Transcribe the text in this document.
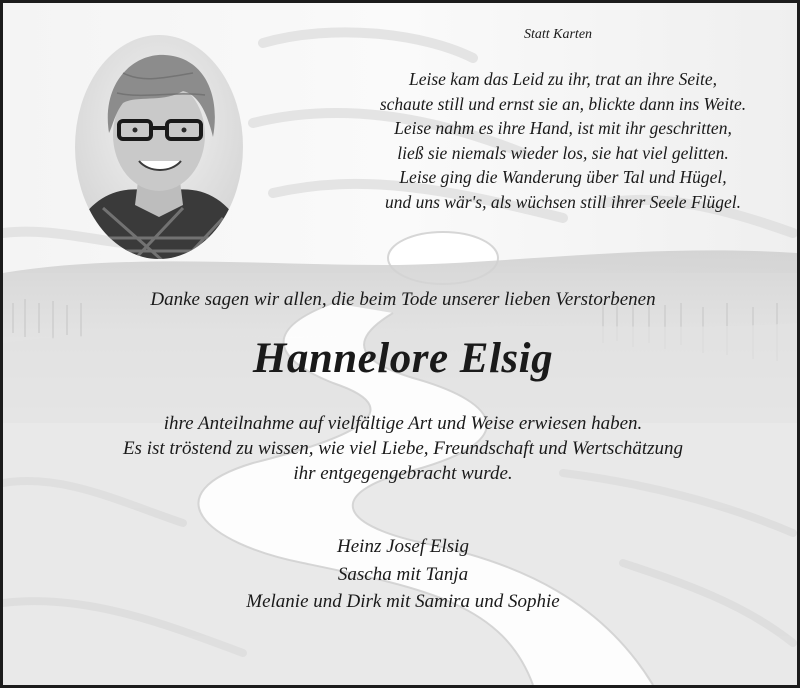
Statt Karten
Leise kam das Leid zu ihr, trat an ihre Seite,
schaute still und ernst sie an, blickte dann ins Weite.
Leise nahm es ihre Hand, ist mit ihr geschritten,
ließ sie niemals wieder los, sie hat viel gelitten.
Leise ging die Wanderung über Tal und Hügel,
und uns wär's, als wüchsen still ihrer Seele Flügel.
Danke sagen wir allen, die beim Tode unserer lieben Verstorbenen
Hannelore Elsig
ihre Anteilnahme auf vielfältige Art und Weise erwiesen haben.
Es ist tröstend zu wissen, wie viel Liebe, Freundschaft und Wertschätzung
ihr entgegengebracht wurde.
Heinz Josef Elsig
Sascha mit Tanja
Melanie und Dirk mit Samira und Sophie
